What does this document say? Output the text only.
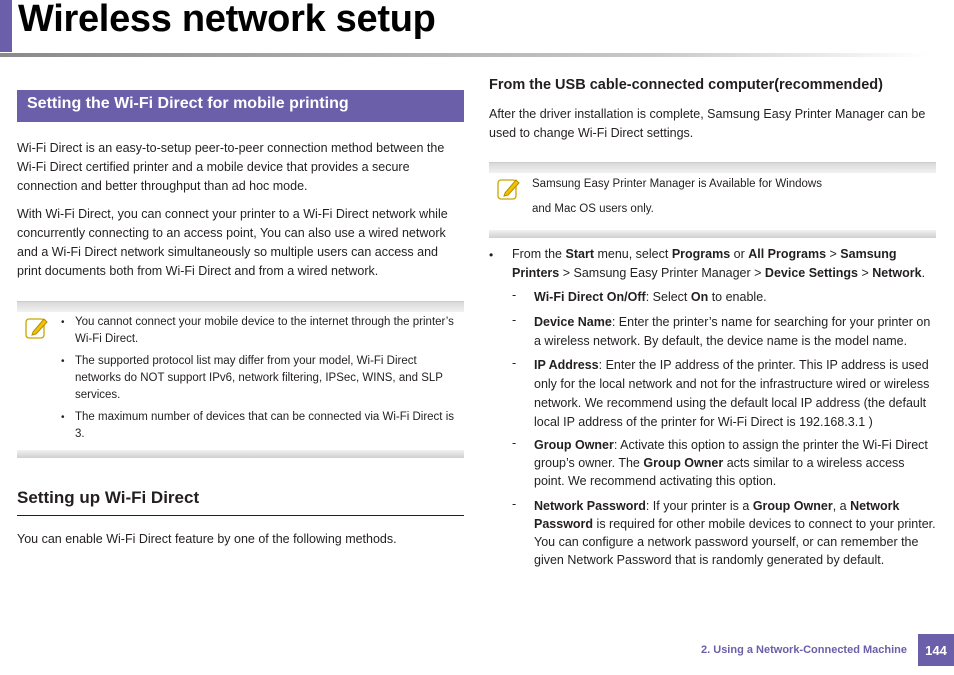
Wireless network setup
Setting the Wi-Fi Direct for mobile printing

Wi-Fi Direct is an easy-to-setup peer-to-peer connection method between the Wi-Fi Direct certified printer and a mobile device that provides a secure connection and better throughput than ad hoc mode.

With Wi-Fi Direct, you can connect your printer to a Wi-Fi Direct network while concurrently connecting to an access point, You can also use a wired network and a Wi-Fi Direct network simultaneously so multiple users can access and print documents both from Wi-Fi Direct and from a wired network.

• You cannot connect your mobile device to the internet through the printer’s Wi-Fi Direct.
• The supported protocol list may differ from your model, Wi-Fi Direct networks do NOT support IPv6, network filtering, IPSec, WINS, and SLP services.
• The maximum number of devices that can be connected via Wi-Fi Direct is 3.
Setting up Wi-Fi Direct

You can enable Wi-Fi Direct feature by one of the following methods.

From the USB cable-connected computer(recommended)

After the driver installation is complete, Samsung Easy Printer Manager can be used to change Wi-Fi Direct settings.

Samsung Easy Printer Manager is Available for Windows
and Mac OS users only.
• From the Start menu, select Programs or All Programs > Samsung Printers > Samsung Easy Printer Manager > Device Settings > Network.

- Wi-Fi Direct On/Off: Select On to enable.

- Device Name: Enter the printer’s name for searching for your printer on a wireless network. By default, the device name is the model name.

- IP Address: Enter the IP address of the printer. This IP address is used only for the local network and not for the infrastructure wired or wireless network. We recommend using the default local IP address (the default local IP address of the printer for Wi-Fi Direct is 192.168.3.1 )

- Group Owner: Activate this option to assign the printer the Wi-Fi Direct group’s owner. The Group Owner acts similar to a wireless access point. We recommend activating this option.

- Network Password: If your printer is a Group Owner, a Network Password is required for other mobile devices to connect to your printer. You can configure a network password yourself, or can remember the given Network Password that is randomly generated by default.

2. Using a Network-Connected Machine	144
